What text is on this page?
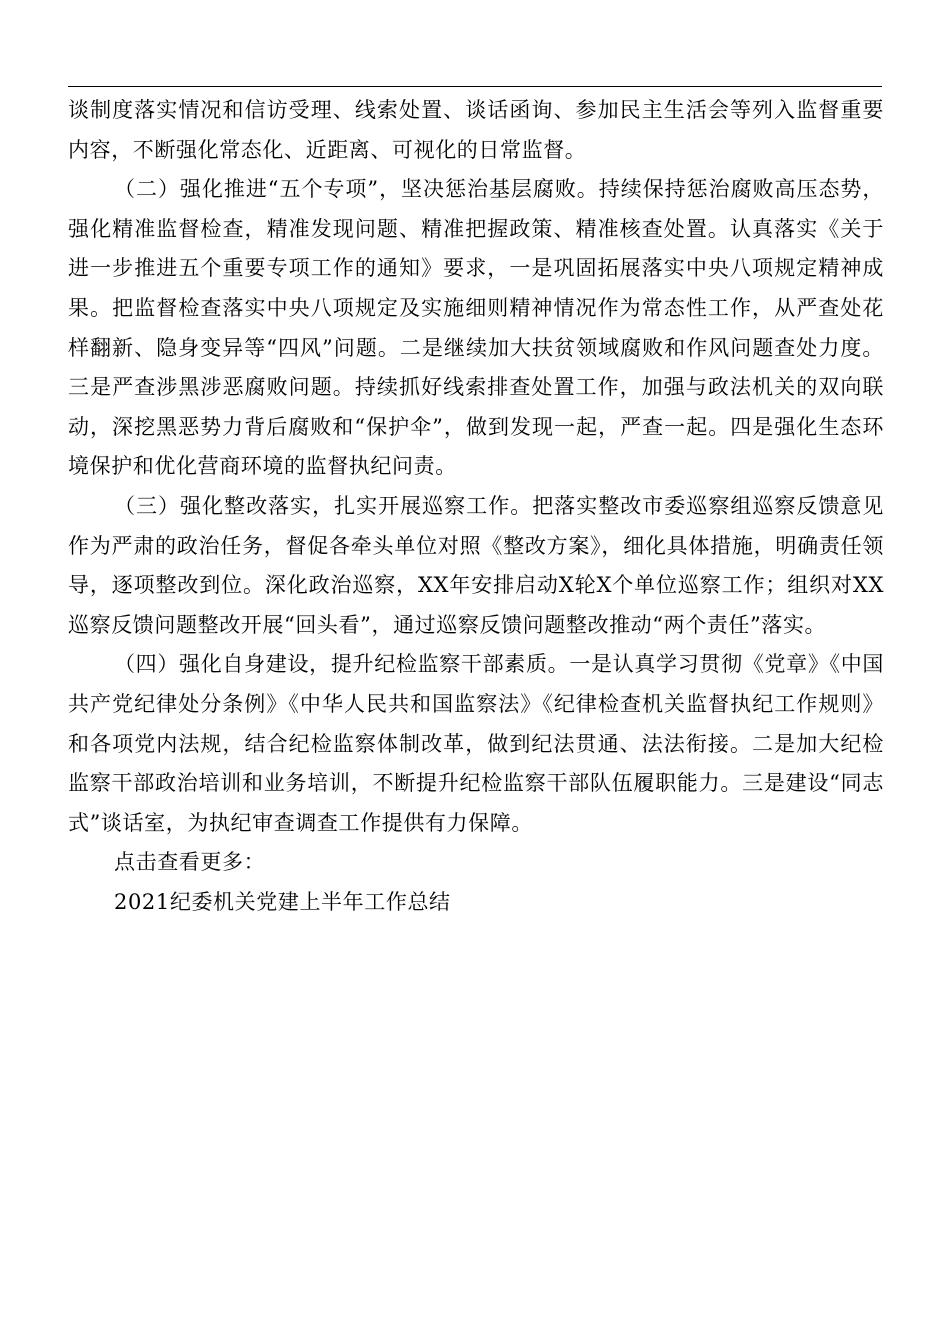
谈制度落实情况和信访受理、线索处置、谈话函询、参加民主生活会等列入监督重要内容，不断强化常态化、近距离、可视化的日常监督。

（二）强化推进“五个专项”，坚决惩治基层腐败。持续保持惩治腐败高压态势，强化精准监督检查，精准发现问题、精准把握政策、精准核查处置。认真落实《关于进一步推进五个重要专项工作的通知》要求，一是巩固拓展落实中央八项规定精神成果。把监督检查落实中央八项规定及实施细则精神情况作为常态性工作，从严查处花样翻新、隐身变异等“四风”问题。二是继续加大扶贫领域腐败和作风问题查处力度。三是严查涉黑涉恶腐败问题。持续抓好线索排查处置工作，加强与政法机关的双向联动，深挖黑恶势力背后腐败和“保护伞”，做到发现一起，严查一起。四是强化生态环境保护和优化营商环境的监督执纪问责。

（三）强化整改落实，扎实开展巡察工作。把落实整改市委巡察组巡察反馈意见作为严肃的政治任务，督促各牵头单位对照《整改方案》，细化具体措施，明确责任领导，逐项整改到位。深化政治巡察，XX年安排启动X轮X个单位巡察工作；组织对XX巡察反馈问题整改开展“回头看”，通过巡察反馈问题整改推动“两个责任”落实。

（四）强化自身建设，提升纪检监察干部素质。一是认真学习贯彻《党章》《中国共产党纪律处分条例》《中华人民共和国监察法》《纪律检查机关监督执纪工作规则》和各项党内法规，结合纪检监察体制改革，做到纪法贯通、法法衔接。二是加大纪检监察干部政治培训和业务培训，不断提升纪检监察干部队伍履职能力。三是建设“同志式”谈话室，为执纪审查调查工作提供有力保障。

点击查看更多：

2021纪委机关党建上半年工作总结
